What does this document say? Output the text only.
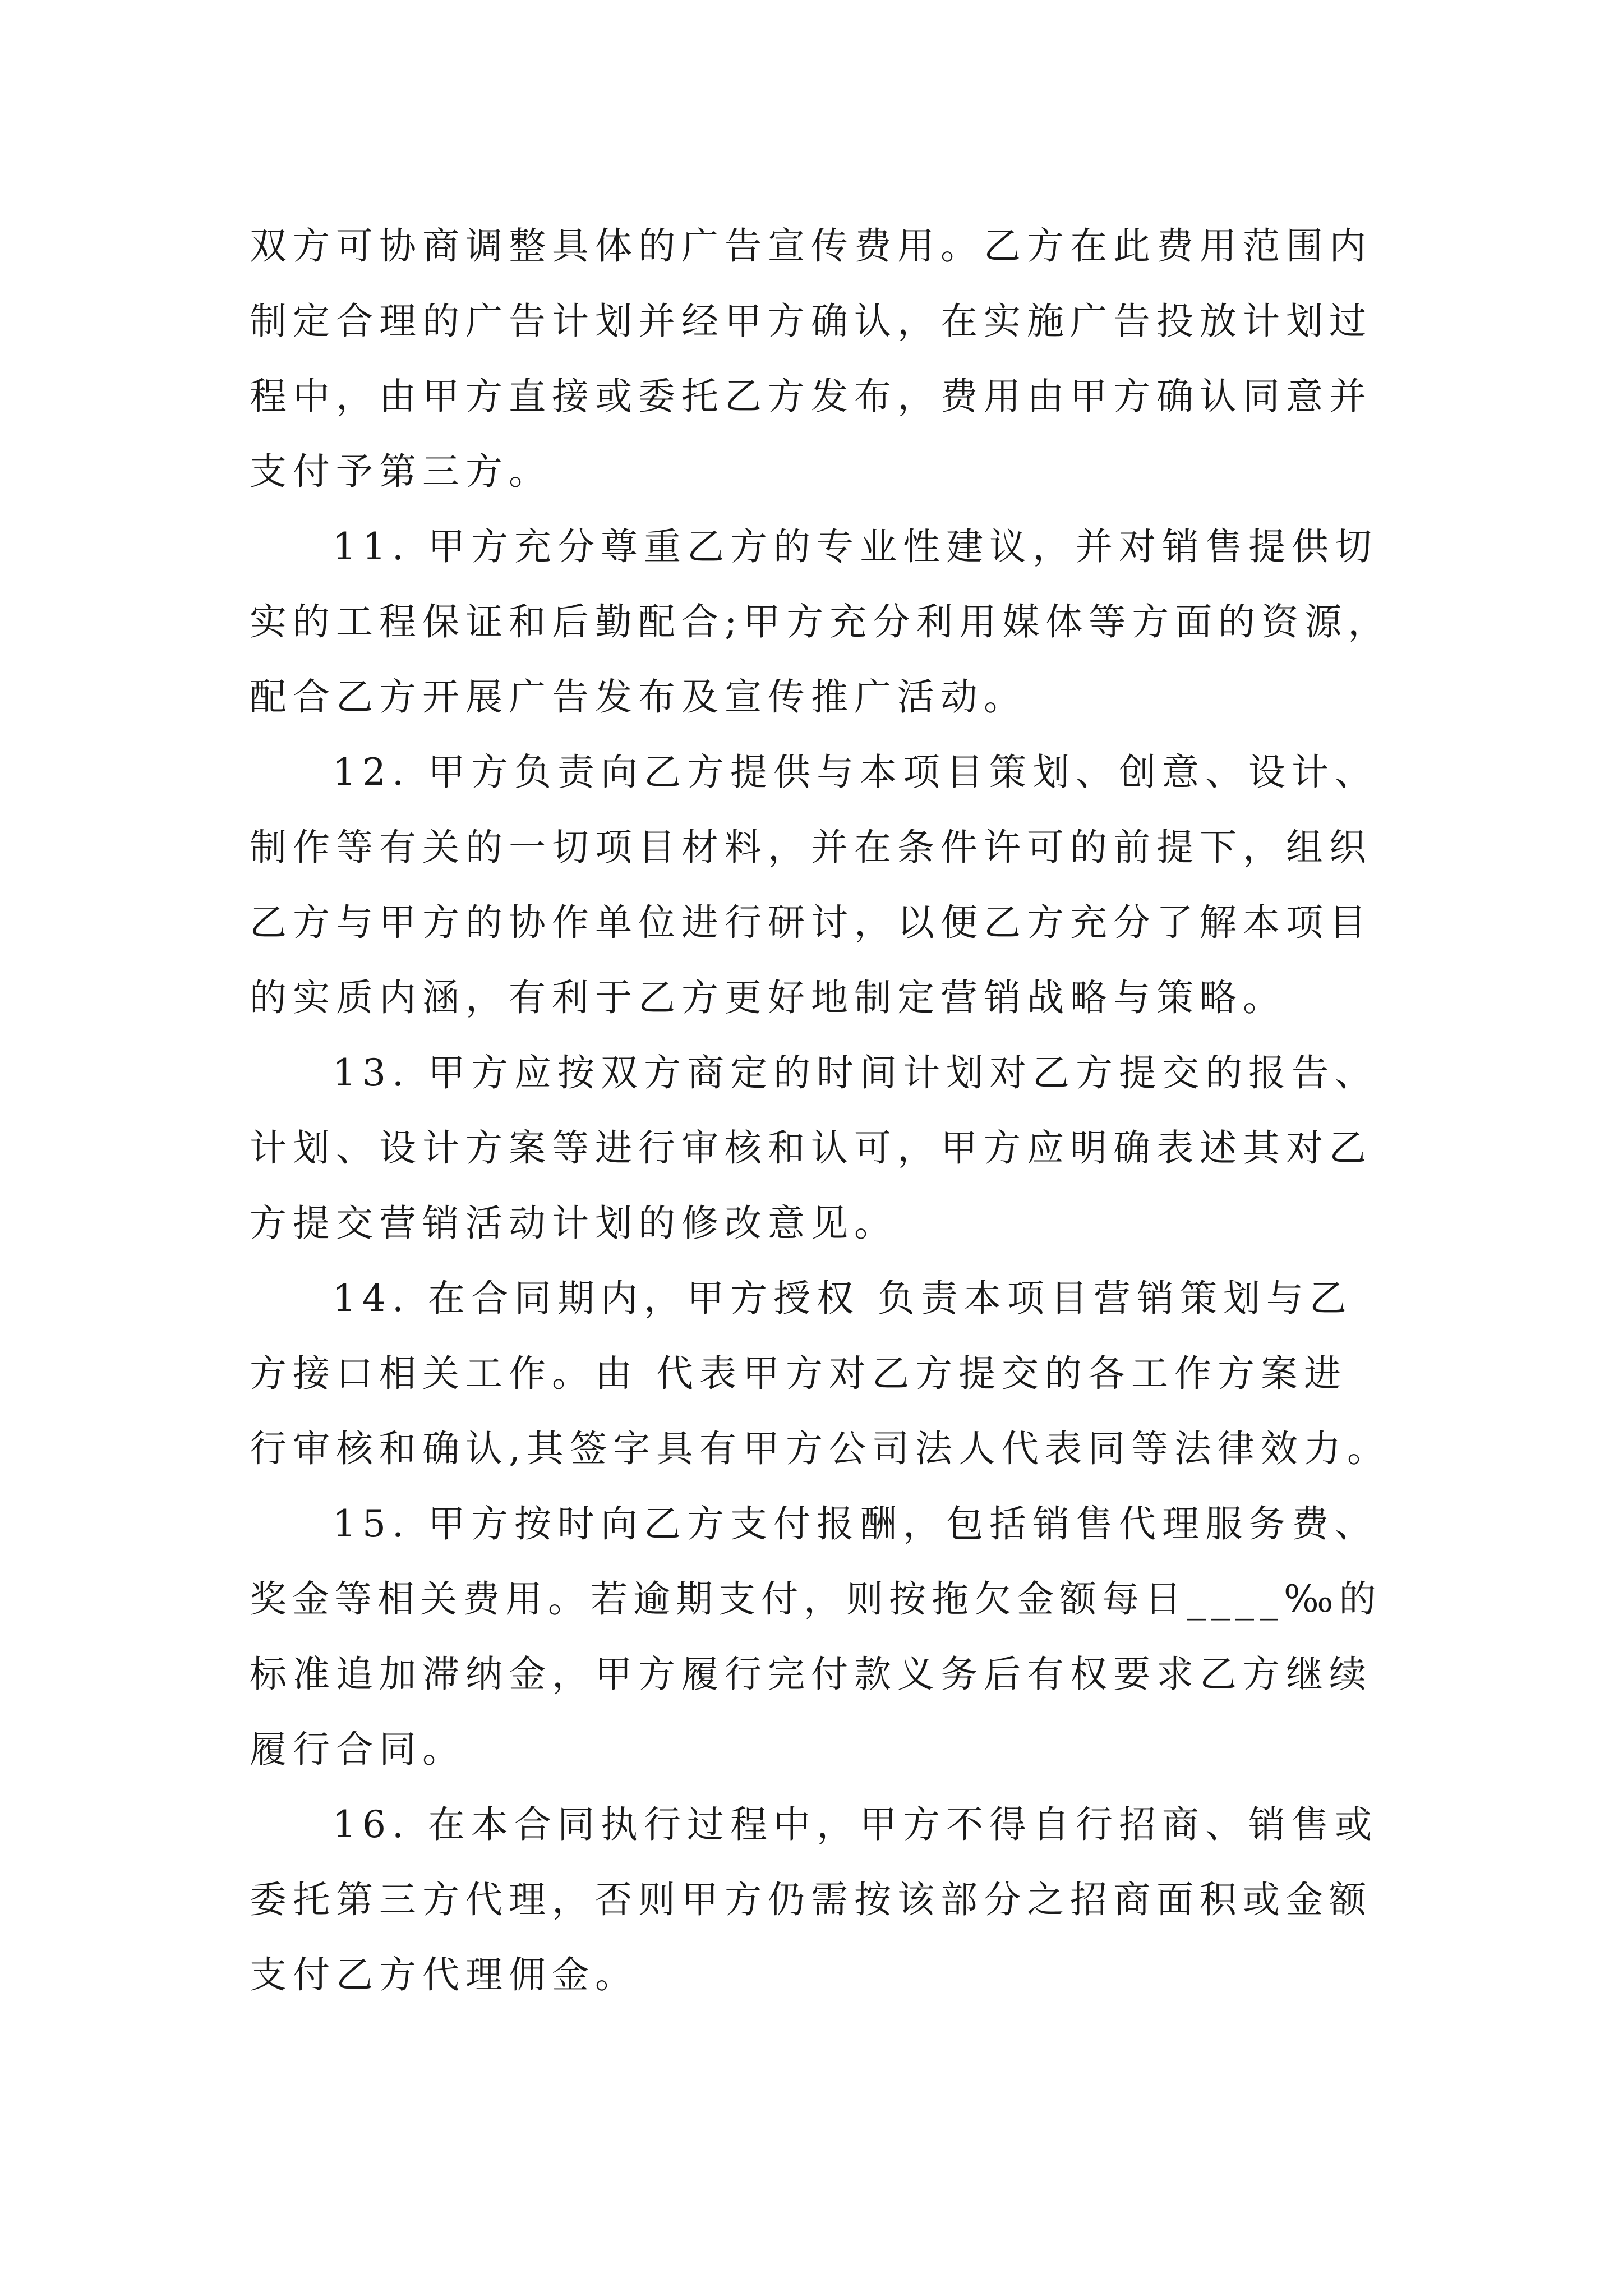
双方可协商调整具体的广告宣传费用。乙方在此费用范围内
制定合理的广告计划并经甲方确认，在实施广告投放计划过
程中，由甲方直接或委托乙方发布，费用由甲方确认同意并
支付予第三方。

11. 甲方充分尊重乙方的专业性建议，并对销售提供切
实的工程保证和后勤配合;甲方充分利用媒体等方面的资源，
配合乙方开展广告发布及宣传推广活动。

12. 甲方负责向乙方提供与本项目策划、创意、设计、
制作等有关的一切项目材料，并在条件许可的前提下，组织
乙方与甲方的协作单位进行研讨，以便乙方充分了解本项目
的实质内涵，有利于乙方更好地制定营销战略与策略。

13. 甲方应按双方商定的时间计划对乙方提交的报告、
计划、设计方案等进行审核和认可，甲方应明确表述其对乙
方提交营销活动计划的修改意见。

14. 在合同期内，甲方授权 负责本项目营销策划与乙
方接口相关工作。由 代表甲方对乙方提交的各工作方案进
行审核和确认,其签字具有甲方公司法人代表同等法律效力。

15. 甲方按时向乙方支付报酬，包括销售代理服务费、
奖金等相关费用。若逾期支付，则按拖欠金额每日____‰的
标准追加滞纳金，甲方履行完付款义务后有权要求乙方继续
履行合同。

16. 在本合同执行过程中，甲方不得自行招商、销售或
委托第三方代理，否则甲方仍需按该部分之招商面积或金额
支付乙方代理佣金。
